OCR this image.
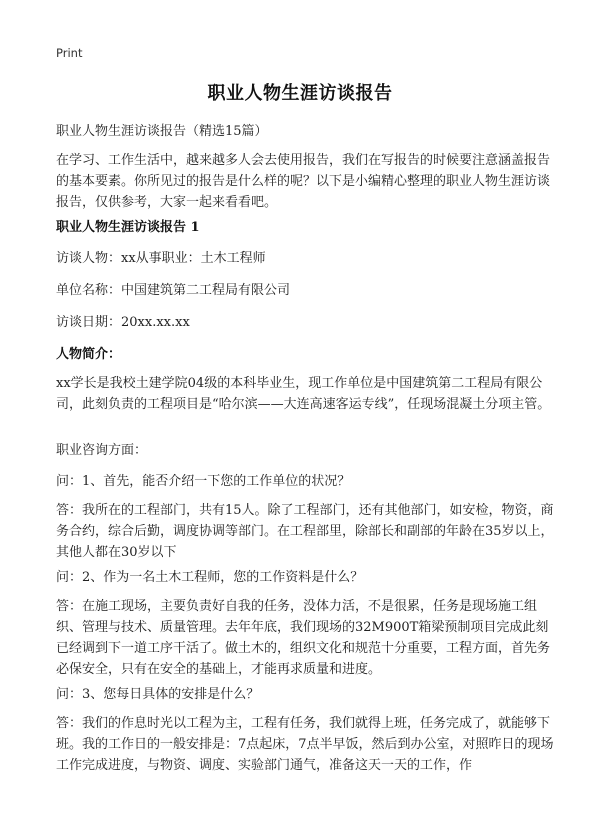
Print
职业人物生涯访谈报告
职业人物生涯访谈报告（精选15篇）
在学习、工作生活中，越来越多人会去使用报告，我们在写报告的时候要注意涵盖报告的基本要素。你所见过的报告是什么样的呢？以下是小编精心整理的职业人物生涯访谈报告，仅供参考，大家一起来看看吧。
职业人物生涯访谈报告 1
访谈人物：xx从事职业：土木工程师
单位名称：中国建筑第二工程局有限公司
访谈日期：20xx.xx.xx
人物简介：
xx学长是我校土建学院04级的本科毕业生，现工作单位是中国建筑第二工程局有限公司，此刻负责的工程项目是“哈尔滨——大连高速客运专线”，任现场混凝土分项主管。
职业咨询方面：
问：1、首先，能否介绍一下您的工作单位的状况？
答：我所在的工程部门，共有15人。除了工程部门，还有其他部门，如安检，物资，商务合约，综合后勤，调度协调等部门。在工程部里，除部长和副部的年龄在35岁以上，其他人都在30岁以下
问：2、作为一名土木工程师，您的工作资料是什么？
答：在施工现场，主要负责好自我的任务，没体力活，不是很累，任务是现场施工组织、管理与技术、质量管理。去年年底，我们现场的32M900T箱梁预制项目完成此刻已经调到下一道工序干活了。做土木的，组织文化和规范十分重要，工程方面，首先务必保安全，只有在安全的基础上，才能再求质量和进度。
问：3、您每日具体的安排是什么？
答：我们的作息时光以工程为主，工程有任务，我们就得上班，任务完成了，就能够下班。我的工作日的一般安排是：7点起床，7点半早饭，然后到办公室，对照昨日的现场工作完成进度，与物资、调度、实验部门通气，准备这天一天的工作，作
